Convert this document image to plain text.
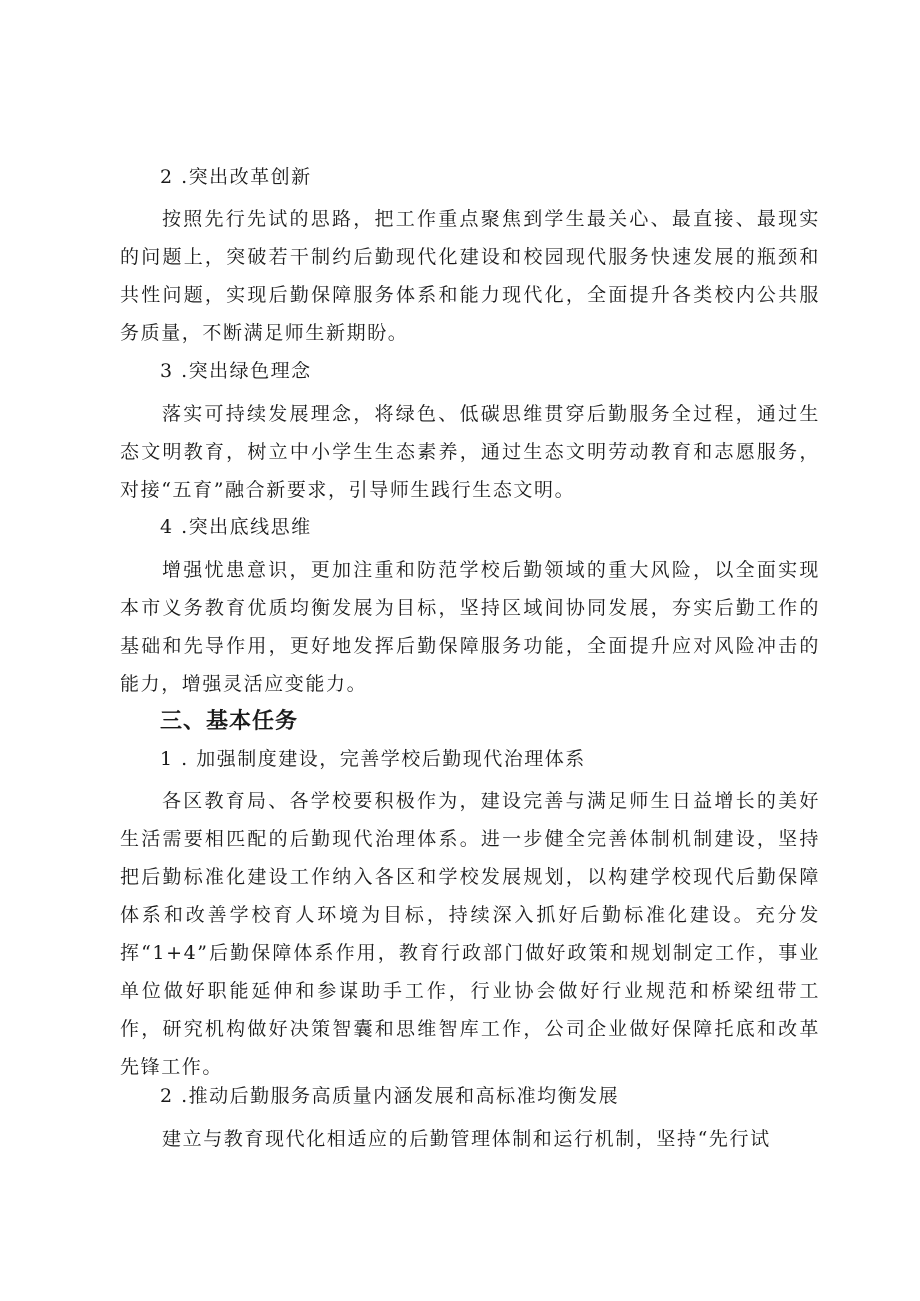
2 .突出改革创新

按照先行先试的思路，把工作重点聚焦到学生最关心、最直接、最现实的问题上，突破若干制约后勤现代化建设和校园现代服务快速发展的瓶颈和共性问题，实现后勤保障服务体系和能力现代化，全面提升各类校内公共服务质量，不断满足师生新期盼。

3 .突出绿色理念

落实可持续发展理念，将绿色、低碳思维贯穿后勤服务全过程，通过生态文明教育，树立中小学生生态素养，通过生态文明劳动教育和志愿服务，对接“五育”融合新要求，引导师生践行生态文明。

4 .突出底线思维

增强忧患意识，更加注重和防范学校后勤领域的重大风险，以全面实现本市义务教育优质均衡发展为目标，坚持区域间协同发展，夯实后勤工作的基础和先导作用，更好地发挥后勤保障服务功能，全面提升应对风险冲击的能力，增强灵活应变能力。

三、基本任务
1 . 加强制度建设，完善学校后勤现代治理体系

各区教育局、各学校要积极作为，建设完善与满足师生日益增长的美好生活需要相匹配的后勤现代治理体系。进一步健全完善体制机制建设，坚持把后勤标准化建设工作纳入各区和学校发展规划，以构建学校现代后勤保障体系和改善学校育人环境为目标，持续深入抓好后勤标准化建设。充分发挥“1+4”后勤保障体系作用，教育行政部门做好政策和规划制定工作，事业单位做好职能延伸和参谋助手工作，行业协会做好行业规范和桥梁纽带工作，研究机构做好决策智囊和思维智库工作，公司企业做好保障托底和改革先锋工作。

2 .推动后勤服务高质量内涵发展和高标准均衡发展

建立与教育现代化相适应的后勤管理体制和运行机制，坚持“先行试
